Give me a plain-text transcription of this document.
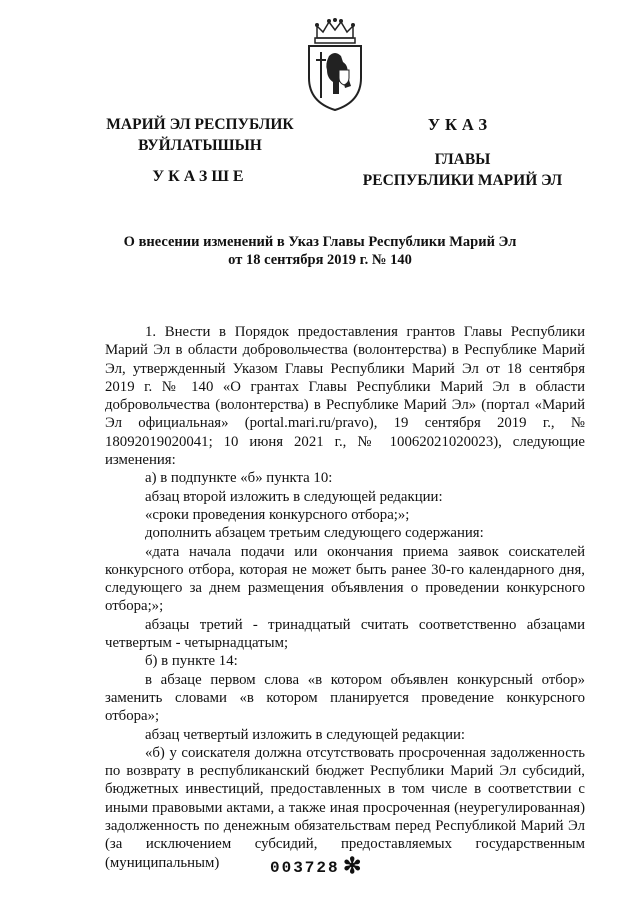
МАРИЙ ЭЛ РЕСПУБЛИК
ВУЙЛАТЫШЫН
УКАЗШЕ
УКАЗ
ГЛАВЫ
РЕСПУБЛИКИ МАРИЙ ЭЛ
О внесении изменений в Указ Главы Республики Марий Эл
от 18 сентября 2019 г. № 140

1. Внести в Порядок предоставления грантов Главы Республики Марий Эл в области добровольчества (волонтерства) в Республике Марий Эл, утвержденный Указом Главы Республики Марий Эл от 18 сентября 2019 г. № 140 «О грантах Главы Республики Марий Эл в области добровольчества (волонтерства) в Республике Марий Эл» (портал «Марий Эл официальная» (portal.mari.ru/pravo), 19 сентября 2019 г., № 18092019020041; 10 июня 2021 г., № 10062021020023), следующие изменения:

а) в подпункте «б» пункта 10:

абзац второй изложить в следующей редакции:

«сроки проведения конкурсного отбора;»;

дополнить абзацем третьим следующего содержания:

«дата начала подачи или окончания приема заявок соискателей конкурсного отбора, которая не может быть ранее 30-го календарного дня, следующего за днем размещения объявления о проведении конкурсного отбора;»;

абзацы третий - тринадцатый считать соответственно абзацами четвертым - четырнадцатым;

б) в пункте 14:

в абзаце первом слова «в котором объявлен конкурсный отбор» заменить словами «в котором планируется проведение конкурсного отбора»;

абзац четвертый изложить в следующей редакции:

«б) у соискателя должна отсутствовать просроченная задолженность по возврату в республиканский бюджет Республики Марий Эл субсидий, бюджетных инвестиций, предоставленных в том числе в соответствии с иными правовыми актами, а также иная просроченная (неурегулированная) задолженность по денежным обязательствам перед Республикой Марий Эл (за исключением субсидий, предоставляемых государственным (муниципальным)	003728 ✻
